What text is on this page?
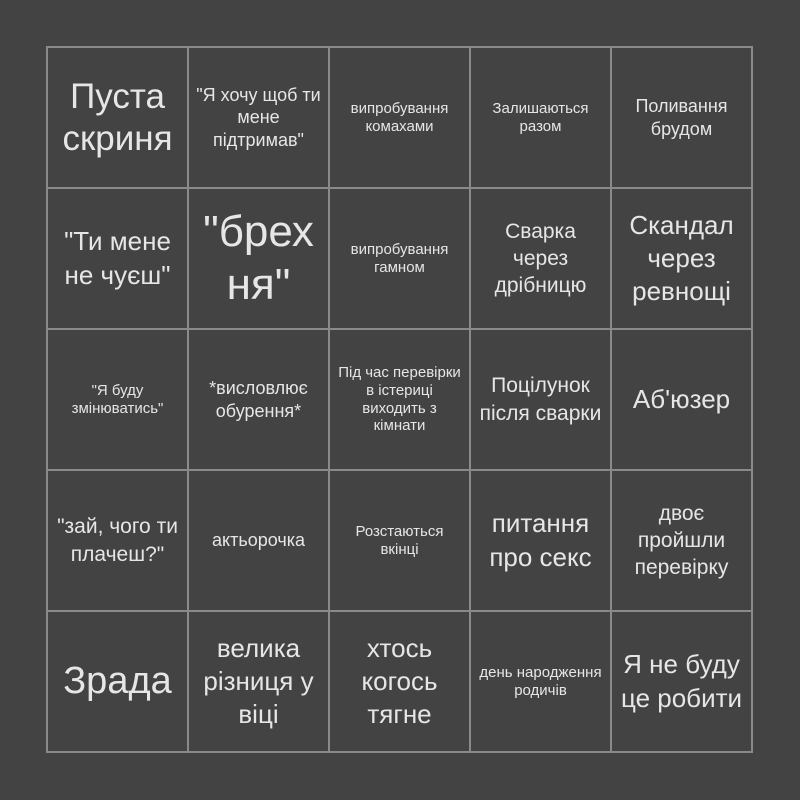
Пуста скриня
"Я хочу щоб ти мене підтримав"
випробування комахами
Залишаються разом
Поливання брудом
"Ти мене не чуєш"
"брехня"
випробування гамном
Сварка через дрібницю
Скандал через ревнощі
"Я буду змінюватись"
*висловлює обурення*
Під час перевірки в істериці виходить з кімнати
Поцілунок після сварки	Аб'юзер
"зай, чого ти плачеш?"
актьорочка	Розстаються вкінці
питання про секс
двоє пройшли перевірку
Зрада
велика різниця у віці
хтось когось тягне
день народження родичів
Я не буду це робити
